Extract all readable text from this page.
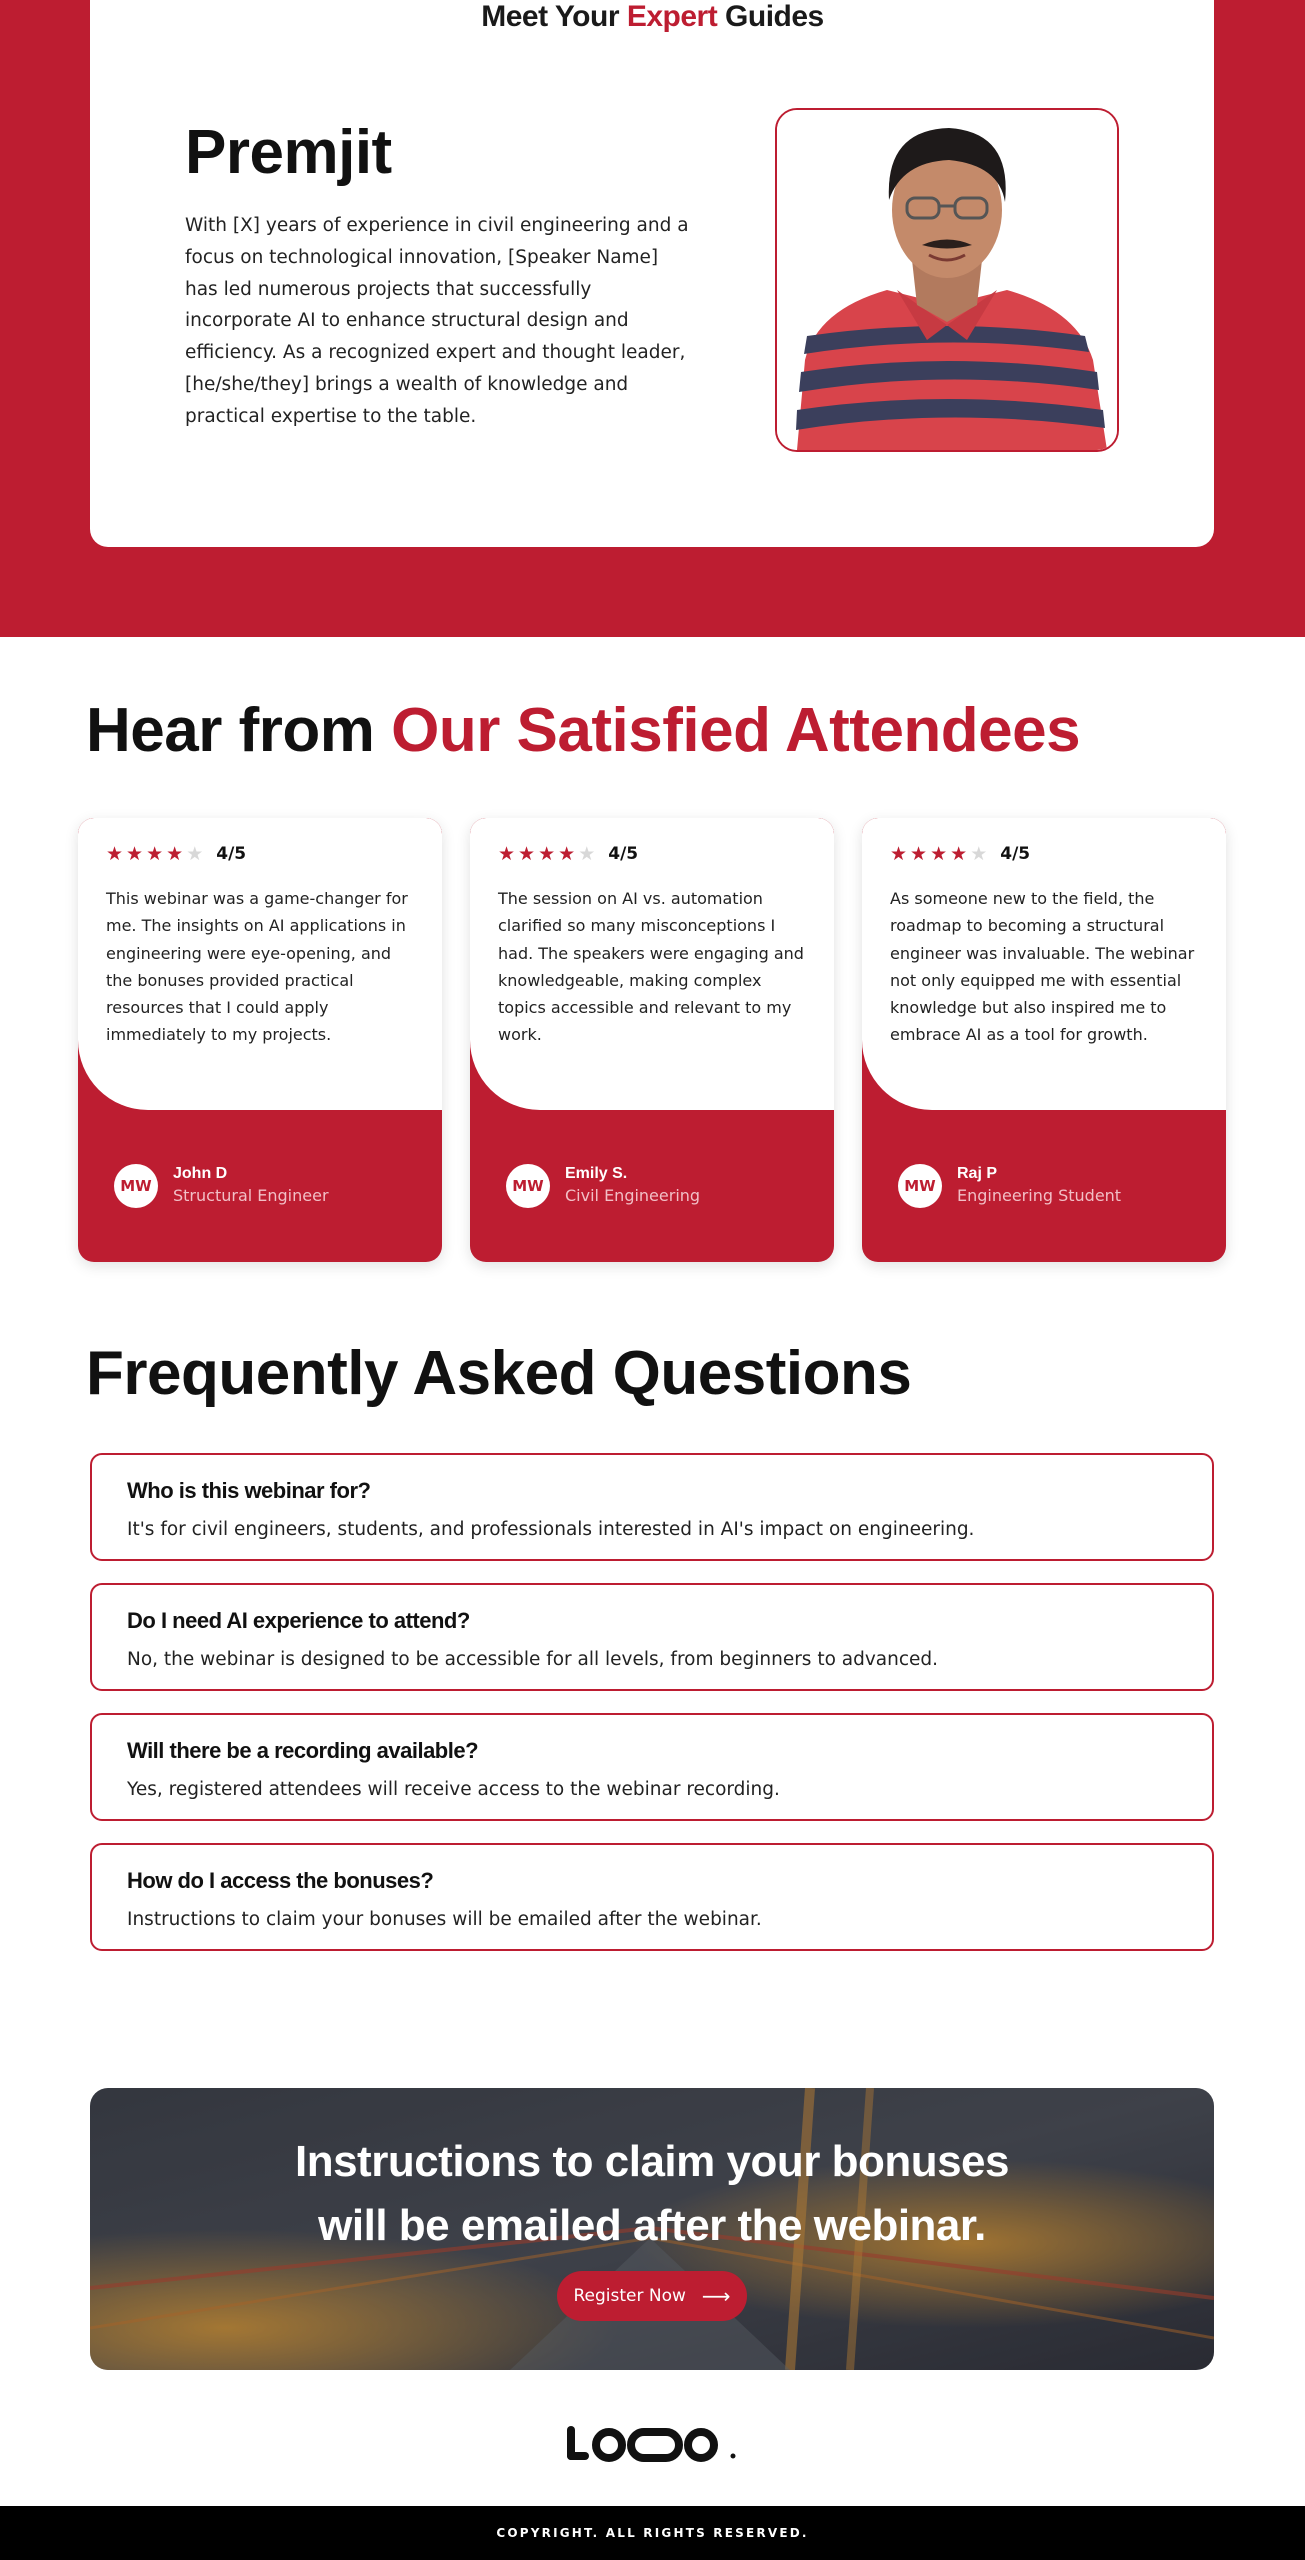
Meet Your Expert Guides
Premjit
With [X] years of experience in civil engineering and a focus on technological innovation, [Speaker Name] has led numerous projects that successfully incorporate AI to enhance structural design and efficiency. As a recognized expert and thought leader, [he/she/they] brings a wealth of knowledge and practical expertise to the table.
Hear from Our Satisfied Attendees
★ ★ ★ ★ ★ 4/5
This webinar was a game-changer for me. The insights on AI applications in engineering were eye-opening, and the bonuses provided practical resources that I could apply immediately to my projects.
MW
John D
Structural Engineer
★ ★ ★ ★ ★ 4/5
The session on AI vs. automation clarified so many misconceptions I had. The speakers were engaging and knowledgeable, making complex topics accessible and relevant to my work.
MW
Emily S.
Civil Engineering
★ ★ ★ ★ ★ 4/5
As someone new to the field, the roadmap to becoming a structural engineer was invaluable. The webinar not only equipped me with essential knowledge but also inspired me to embrace AI as a tool for growth.
MW
Raj P
Engineering Student
Frequently Asked Questions
Who is this webinar for?
It's for civil engineers, students, and professionals interested in AI's impact on engineering.
Do I need AI experience to attend?
No, the webinar is designed to be accessible for all levels, from beginners to advanced.
Will there be a recording available?
Yes, registered attendees will receive access to the webinar recording.
How do I access the bonuses?
Instructions to claim your bonuses will be emailed after the webinar.
Instructions to claim your bonuses
will be emailed after the webinar.
Register Now ⟶
COPYRIGHT. ALL RIGHTS RESERVED.
